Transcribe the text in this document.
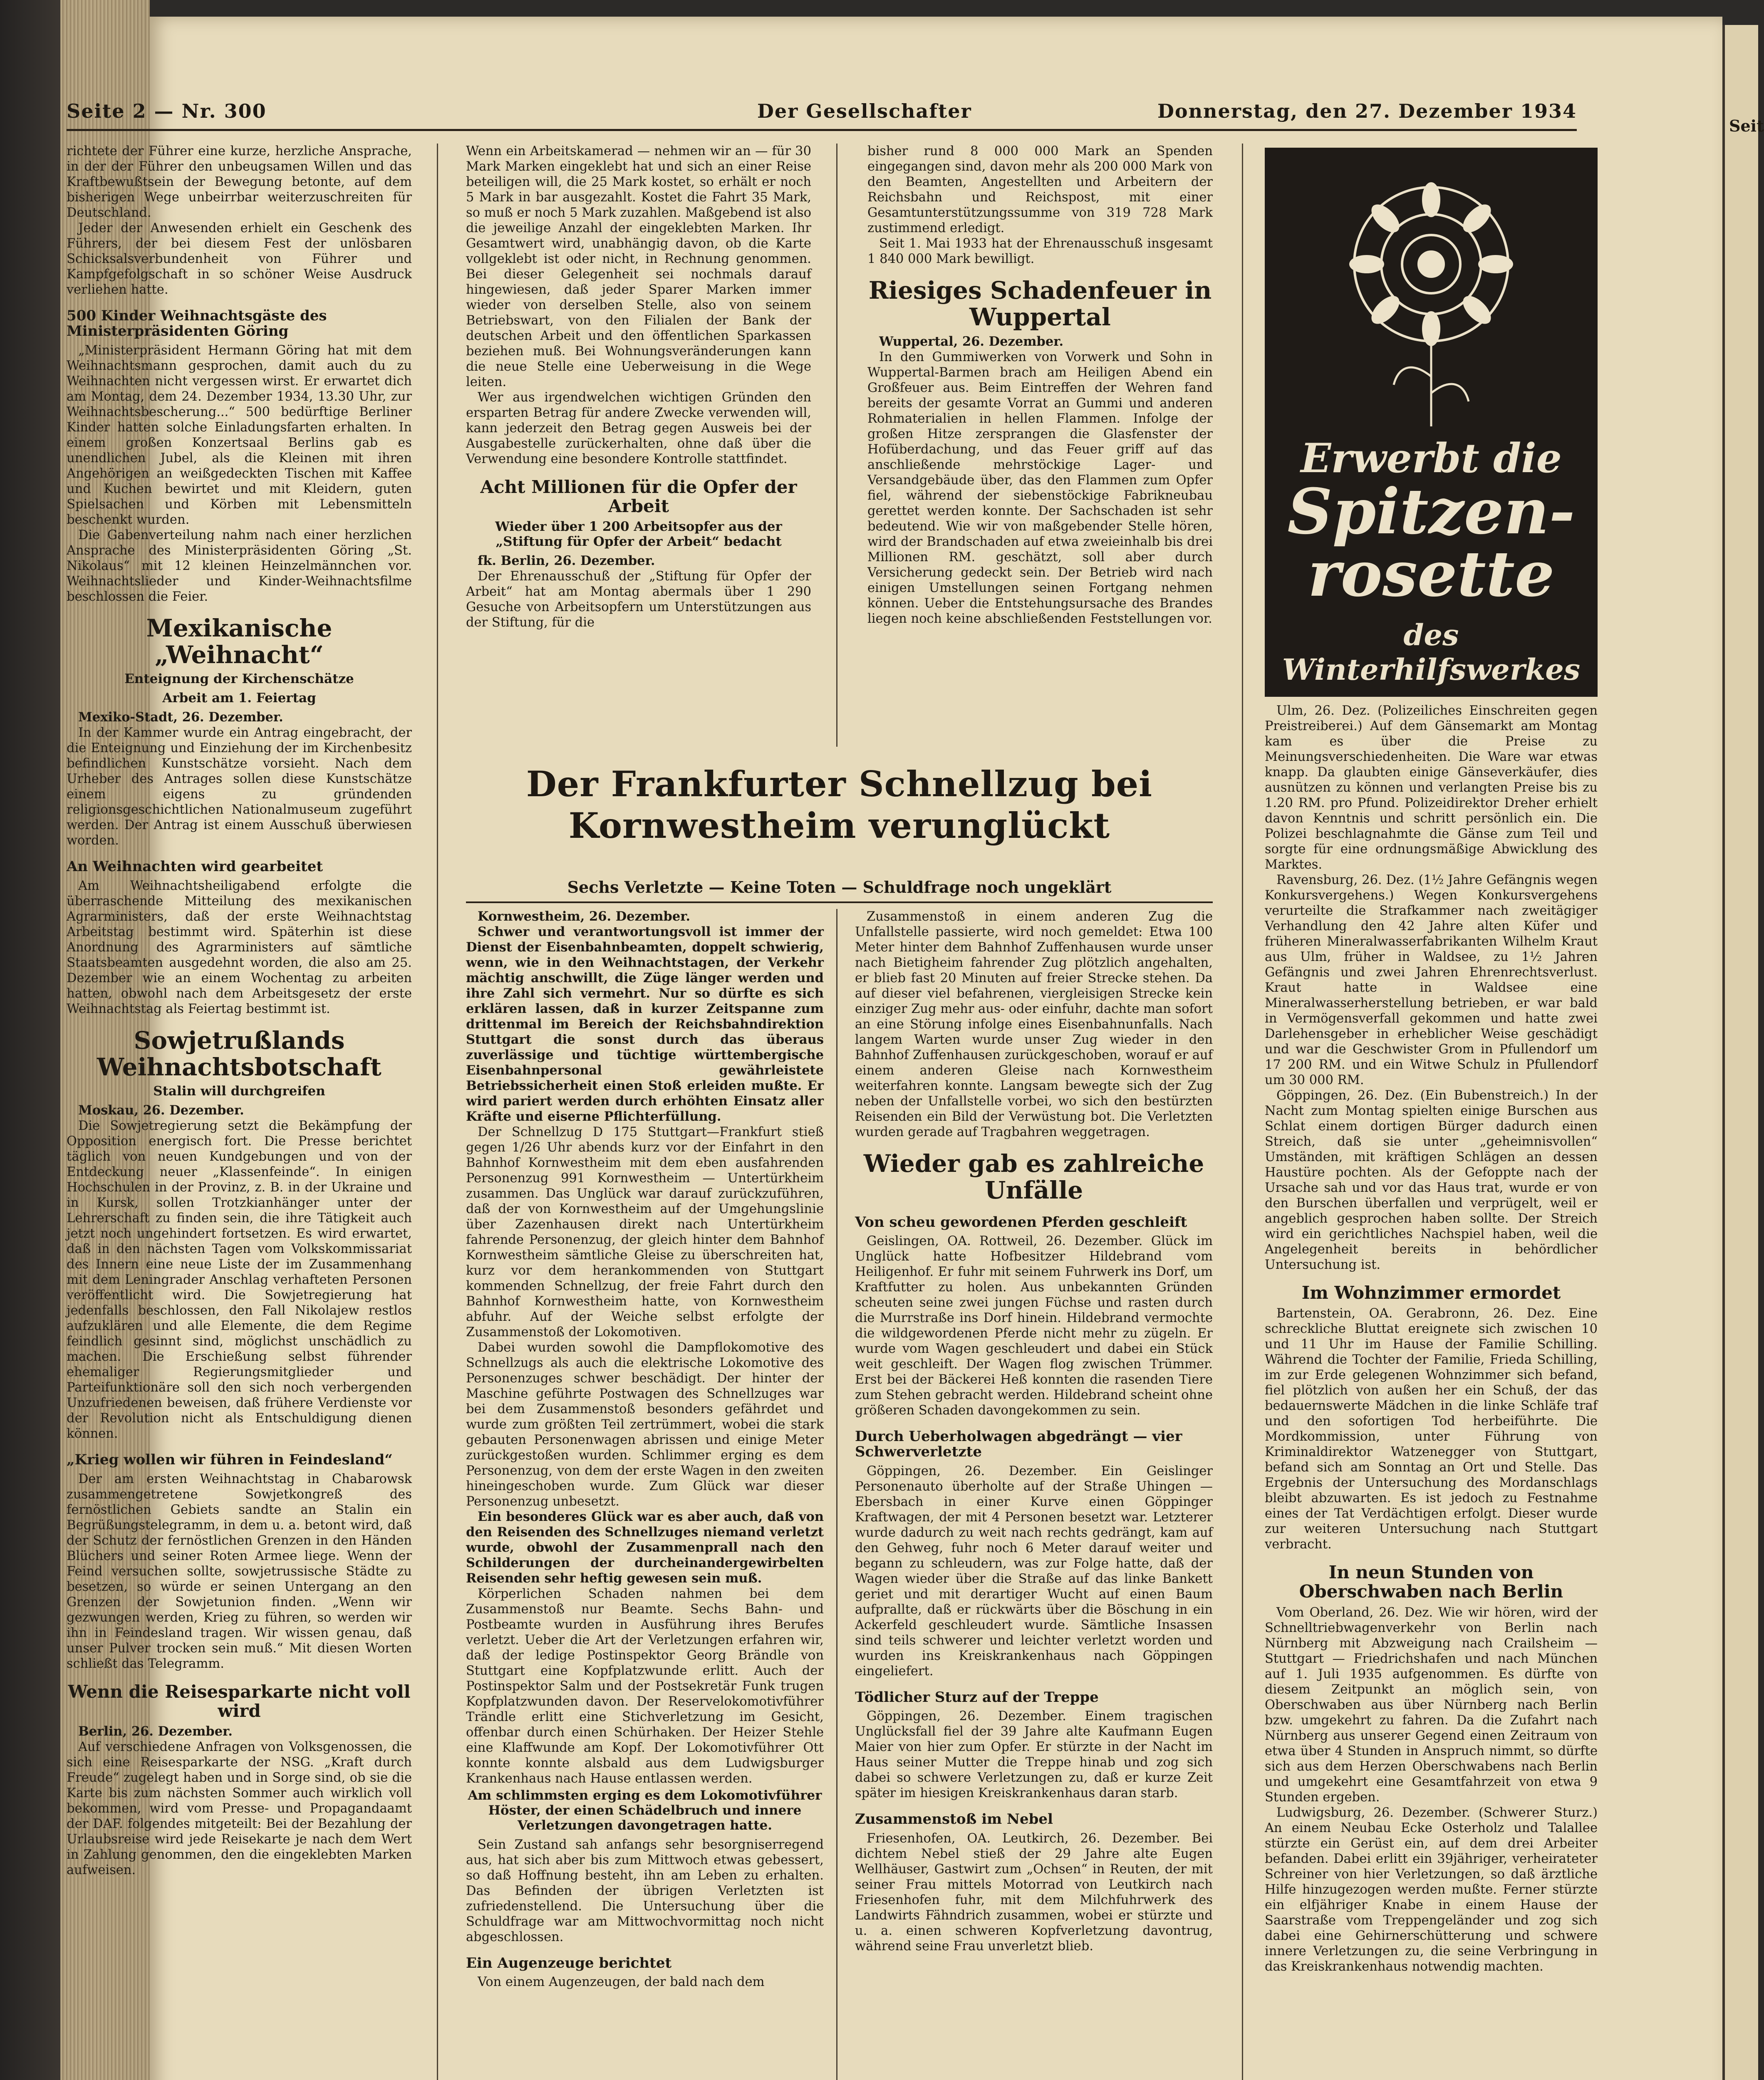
Seit
Seite 2 — Nr. 300	Der Gesellschafter	Donnerstag, den 27. Dezember 1934

richtete der Führer eine kurze, herzliche Ansprache, in der der Führer den unbeugsamen Willen und das Kraftbewußtsein der Bewegung betonte, auf dem bisherigen Wege unbeirrbar weiterzuschreiten für Deutschland.

Jeder der Anwesenden erhielt ein Geschenk des Führers, der bei diesem Fest der unlösbaren Schicksalsverbundenheit von Führer und Kampfgefolgschaft in so schöner Weise Ausdruck verliehen hatte.

500 Kinder Weihnachtsgäste des Ministerpräsidenten Göring

„Ministerpräsident Hermann Göring hat mit dem Weihnachtsmann gesprochen, damit auch du zu Weihnachten nicht vergessen wirst. Er erwartet dich am Montag, dem 24. Dezember 1934, 13.30 Uhr, zur Weihnachtsbescherung...“ 500 bedürftige Berliner Kinder hatten solche Einladungsfarten erhalten. In einem großen Konzertsaal Berlins gab es unendlichen Jubel, als die Kleinen mit ihren Angehörigen an weißgedeckten Tischen mit Kaffee und Kuchen bewirtet und mit Kleidern, guten Spielsachen und Körben mit Lebensmitteln beschenkt wurden.

Die Gabenverteilung nahm nach einer herzlichen Ansprache des Ministerpräsidenten Göring „St. Nikolaus“ mit 12 kleinen Heinzelmännchen vor. Weihnachtslieder und Kinder-Weihnachtsfilme beschlossen die Feier.

Mexikanische „Weihnacht“
Enteignung der Kirchenschätze
Arbeit am 1. Feiertag

Mexiko-Stadt, 26. Dezember.

In der Kammer wurde ein Antrag eingebracht, der die Enteignung und Einziehung der im Kirchenbesitz befindlichen Kunstschätze vorsieht. Nach dem Urheber des Antrages sollen diese Kunstschätze einem eigens zu gründenden religionsgeschichtlichen Nationalmuseum zugeführt werden. Der Antrag ist einem Ausschuß überwiesen worden.

An Weihnachten wird gearbeitet

Am Weihnachtsheiligabend erfolgte die überraschende Mitteilung des mexikanischen Agrarministers, daß der erste Weihnachtstag Arbeitstag bestimmt wird. Späterhin ist diese Anordnung des Agrarministers auf sämtliche Staatsbeamten ausgedehnt worden, die also am 25. Dezember wie an einem Wochentag zu arbeiten hatten, obwohl nach dem Arbeitsgesetz der erste Weihnachtstag als Feiertag bestimmt ist.

Sowjetrußlands Weihnachtsbotschaft
Stalin will durchgreifen

Moskau, 26. Dezember.

Die Sowjetregierung setzt die Bekämpfung der Opposition energisch fort. Die Presse berichtet täglich von neuen Kundgebungen und von der Entdeckung neuer „Klassenfeinde“. In einigen Hochschulen in der Provinz, z. B. in der Ukraine und in Kursk, sollen Trotzkianhänger unter der Lehrerschaft zu finden sein, die ihre Tätigkeit auch jetzt noch ungehindert fortsetzen. Es wird erwartet, daß in den nächsten Tagen vom Volkskommissariat des Innern eine neue Liste der im Zusammenhang mit dem Leningrader Anschlag verhafteten Personen veröffentlicht wird. Die Sowjetregierung hat jedenfalls beschlossen, den Fall Nikolajew restlos aufzuklären und alle Elemente, die dem Regime feindlich gesinnt sind, möglichst unschädlich zu machen. Die Erschießung selbst führender ehemaliger Regierungsmitglieder und Parteifunktionäre soll den sich noch verbergenden Unzufriedenen beweisen, daß frühere Verdienste vor der Revolution nicht als Entschuldigung dienen können.

„Krieg wollen wir führen in Feindesland“

Der am ersten Weihnachtstag in Chabarowsk zusammengetretene Sowjetkongreß des fernöstlichen Gebiets sandte an Stalin ein Begrüßungstelegramm, in dem u. a. betont wird, daß der Schutz der fernöstlichen Grenzen in den Händen Blüchers und seiner Roten Armee liege. Wenn der Feind versuchen sollte, sowjetrussische Städte zu besetzen, so würde er seinen Untergang an den Grenzen der Sowjetunion finden. „Wenn wir gezwungen werden, Krieg zu führen, so werden wir ihn in Feindesland tragen. Wir wissen genau, daß unser Pulver trocken sein muß.“ Mit diesen Worten schließt das Telegramm.

Wenn die Reisesparkarte nicht voll wird

Berlin, 26. Dezember.

Auf verschiedene Anfragen von Volksgenossen, die sich eine Reisesparkarte der NSG. „Kraft durch Freude“ zugelegt haben und in Sorge sind, ob sie die Karte bis zum nächsten Sommer auch wirklich voll bekommen, wird vom Presse- und Propagandaamt der DAF. folgendes mitgeteilt: Bei der Bezahlung der Urlaubsreise wird jede Reisekarte je nach dem Wert in Zahlung genommen, den die eingeklebten Marken aufweisen.

Wenn ein Arbeitskamerad — nehmen wir an — für 30 Mark Marken eingeklebt hat und sich an einer Reise beteiligen will, die 25 Mark kostet, so erhält er noch 5 Mark in bar ausgezahlt. Kostet die Fahrt 35 Mark, so muß er noch 5 Mark zuzahlen. Maßgebend ist also die jeweilige Anzahl der eingeklebten Marken. Ihr Gesamtwert wird, unabhängig davon, ob die Karte vollgeklebt ist oder nicht, in Rechnung genommen. Bei dieser Gelegenheit sei nochmals darauf hingewiesen, daß jeder Sparer Marken immer wieder von derselben Stelle, also von seinem Betriebswart, von den Filialen der Bank der deutschen Arbeit und den öffentlichen Sparkassen beziehen muß. Bei Wohnungsveränderungen kann die neue Stelle eine Ueberweisung in die Wege leiten.

Wer aus irgendwelchen wichtigen Gründen den ersparten Betrag für andere Zwecke verwenden will, kann jederzeit den Betrag gegen Ausweis bei der Ausgabestelle zurückerhalten, ohne daß über die Verwendung eine besondere Kontrolle stattfindet.

Acht Millionen für die Opfer der Arbeit
Wieder über 1 200 Arbeitsopfer aus der „Stiftung für Opfer der Arbeit“ bedacht

fk. Berlin, 26. Dezember.

Der Ehrenausschuß der „Stiftung für Opfer der Arbeit“ hat am Montag abermals über 1 290 Gesuche von Arbeitsopfern um Unterstützungen aus der Stiftung, für die

bisher rund 8 000 000 Mark an Spenden eingegangen sind, davon mehr als 200 000 Mark von den Beamten, Angestellten und Arbeitern der Reichsbahn und Reichspost, mit einer Gesamtunterstützungssumme von 319 728 Mark zustimmend erledigt.

Seit 1. Mai 1933 hat der Ehrenausschuß insgesamt 1 840 000 Mark bewilligt.

Riesiges Schadenfeuer in Wuppertal

Wuppertal, 26. Dezember.

In den Gummiwerken von Vorwerk und Sohn in Wuppertal-Barmen brach am Heiligen Abend ein Großfeuer aus. Beim Eintreffen der Wehren fand bereits der gesamte Vorrat an Gummi und anderen Rohmaterialien in hellen Flammen. Infolge der großen Hitze zersprangen die Glasfenster der Hofüberdachung, und das Feuer griff auf das anschließende mehrstöckige Lager- und Versandgebäude über, das den Flammen zum Opfer fiel, während der siebenstöckige Fabrikneubau gerettet werden konnte. Der Sachschaden ist sehr bedeutend. Wie wir von maßgebender Stelle hören, wird der Brandschaden auf etwa zweieinhalb bis drei Millionen RM. geschätzt, soll aber durch Versicherung gedeckt sein. Der Betrieb wird nach einigen Umstellungen seinen Fortgang nehmen können. Ueber die Entstehungsursache des Brandes liegen noch keine abschließenden Feststellungen vor.

Der Frankfurter Schnellzug bei Kornwestheim verunglückt
Sechs Verletzte — Keine Toten — Schuldfrage noch ungeklärt

Kornwestheim, 26. Dezember.

Schwer und verantwortungsvoll ist immer der Dienst der Eisenbahnbeamten, doppelt schwierig, wenn, wie in den Weihnachtstagen, der Verkehr mächtig anschwillt, die Züge länger werden und ihre Zahl sich vermehrt. Nur so dürfte es sich erklären lassen, daß in kurzer Zeitspanne zum drittenmal im Bereich der Reichsbahndirektion Stuttgart die sonst durch das überaus zuverlässige und tüchtige württembergische Eisenbahnpersonal gewährleistete Betriebssicherheit einen Stoß erleiden mußte. Er wird pariert werden durch erhöhten Einsatz aller Kräfte und eiserne Pflichterfüllung.

Der Schnellzug D 175 Stuttgart—Frankfurt stieß gegen 1/26 Uhr abends kurz vor der Einfahrt in den Bahnhof Kornwestheim mit dem eben ausfahrenden Personenzug 991 Kornwestheim — Untertürkheim zusammen. Das Unglück war darauf zurückzuführen, daß der von Kornwestheim auf der Umgehungslinie über Zazenhausen direkt nach Untertürkheim fahrende Personenzug, der gleich hinter dem Bahnhof Kornwestheim sämtliche Gleise zu überschreiten hat, kurz vor dem herankommenden von Stuttgart kommenden Schnellzug, der freie Fahrt durch den Bahnhof Kornwestheim hatte, von Kornwestheim abfuhr. Auf der Weiche selbst erfolgte der Zusammenstoß der Lokomotiven.

Dabei wurden sowohl die Dampflokomotive des Schnellzugs als auch die elektrische Lokomotive des Personenzuges schwer beschädigt. Der hinter der Maschine geführte Postwagen des Schnellzuges war bei dem Zusammenstoß besonders gefährdet und wurde zum größten Teil zertrümmert, wobei die stark gebauten Personenwagen abrissen und einige Meter zurückgestoßen wurden. Schlimmer erging es dem Personenzug, von dem der erste Wagen in den zweiten hineingeschoben wurde. Zum Glück war dieser Personenzug unbesetzt.

Ein besonderes Glück war es aber auch, daß von den Reisenden des Schnellzuges niemand verletzt wurde, obwohl der Zusammenprall nach den Schilderungen der durcheinandergewirbelten Reisenden sehr heftig gewesen sein muß.

Körperlichen Schaden nahmen bei dem Zusammenstoß nur Beamte. Sechs Bahn- und Postbeamte wurden in Ausführung ihres Berufes verletzt. Ueber die Art der Verletzungen erfahren wir, daß der ledige Postinspektor Georg Brändle von Stuttgart eine Kopfplatzwunde erlitt. Auch der Postinspektor Salm und der Postsekretär Funk trugen Kopfplatzwunden davon. Der Reservelokomotivführer Trändle erlitt eine Stichverletzung im Gesicht, offenbar durch einen Schürhaken. Der Heizer Stehle eine Klaffwunde am Kopf. Der Lokomotivführer Ott konnte konnte alsbald aus dem Ludwigsburger Krankenhaus nach Hause entlassen werden.

Am schlimmsten erging es dem Lokomotivführer Höster, der einen Schädelbruch und innere Verletzungen davongetragen hatte.

Sein Zustand sah anfangs sehr besorgniserregend aus, hat sich aber bis zum Mittwoch etwas gebessert, so daß Hoffnung besteht, ihn am Leben zu erhalten. Das Befinden der übrigen Verletzten ist zufriedenstellend. Die Untersuchung über die Schuldfrage war am Mittwochvormittag noch nicht abgeschlossen.

Ein Augenzeuge berichtet

Von einem Augenzeugen, der bald nach dem

Zusammenstoß in einem anderen Zug die Unfallstelle passierte, wird noch gemeldet: Etwa 100 Meter hinter dem Bahnhof Zuffenhausen wurde unser nach Bietigheim fahrender Zug plötzlich angehalten, er blieb fast 20 Minuten auf freier Strecke stehen. Da auf dieser viel befahrenen, viergleisigen Strecke kein einziger Zug mehr aus- oder einfuhr, dachte man sofort an eine Störung infolge eines Eisenbahnunfalls. Nach langem Warten wurde unser Zug wieder in den Bahnhof Zuffenhausen zurückgeschoben, worauf er auf einem anderen Gleise nach Kornwestheim weiterfahren konnte. Langsam bewegte sich der Zug neben der Unfallstelle vorbei, wo sich den bestürzten Reisenden ein Bild der Verwüstung bot. Die Verletzten wurden gerade auf Tragbahren weggetragen.

Wieder gab es zahlreiche Unfälle
Von scheu gewordenen Pferden geschleift

Geislingen, OA. Rottweil, 26. Dezember. Glück im Unglück hatte Hofbesitzer Hildebrand vom Heiligenhof. Er fuhr mit seinem Fuhrwerk ins Dorf, um Kraftfutter zu holen. Aus unbekannten Gründen scheuten seine zwei jungen Füchse und rasten durch die Murrstraße ins Dorf hinein. Hildebrand vermochte die wildgewordenen Pferde nicht mehr zu zügeln. Er wurde vom Wagen geschleudert und dabei ein Stück weit geschleift. Der Wagen flog zwischen Trümmer. Erst bei der Bäckerei Heß konnten die rasenden Tiere zum Stehen gebracht werden. Hildebrand scheint ohne größeren Schaden davongekommen zu sein.

Durch Ueberholwagen abgedrängt — vier Schwerverletzte

Göppingen, 26. Dezember. Ein Geislinger Personenauto überholte auf der Straße Uhingen — Ebersbach in einer Kurve einen Göppinger Kraftwagen, der mit 4 Personen besetzt war. Letzterer wurde dadurch zu weit nach rechts gedrängt, kam auf den Gehweg, fuhr noch 6 Meter darauf weiter und begann zu schleudern, was zur Folge hatte, daß der Wagen wieder über die Straße auf das linke Bankett geriet und mit derartiger Wucht auf einen Baum aufprallte, daß er rückwärts über die Böschung in ein Ackerfeld geschleudert wurde. Sämtliche Insassen sind teils schwerer und leichter verletzt worden und wurden ins Kreiskrankenhaus nach Göppingen eingeliefert.

Tödlicher Sturz auf der Treppe

Göppingen, 26. Dezember. Einem tragischen Unglücksfall fiel der 39 Jahre alte Kaufmann Eugen Maier von hier zum Opfer. Er stürzte in der Nacht im Haus seiner Mutter die Treppe hinab und zog sich dabei so schwere Verletzungen zu, daß er kurze Zeit später im hiesigen Kreiskrankenhaus daran starb.

Zusammenstoß im Nebel

Friesenhofen, OA. Leutkirch, 26. Dezember. Bei dichtem Nebel stieß der 29 Jahre alte Eugen Wellhäuser, Gastwirt zum „Ochsen“ in Reuten, der mit seiner Frau mittels Motorrad von Leutkirch nach Friesenhofen fuhr, mit dem Milchfuhrwerk des Landwirts Fähndrich zusammen, wobei er stürzte und u. a. einen schweren Kopfverletzung davontrug, während seine Frau unverletzt blieb.

Erwerbt die
Spitzen-
rosette
des Winterhilfswerkes

Ulm, 26. Dez. (Polizeiliches Einschreiten gegen Preistreiberei.) Auf dem Gänsemarkt am Montag kam es über die Preise zu Meinungsverschiedenheiten. Die Ware war etwas knapp. Da glaubten einige Gänseverkäufer, dies ausnützen zu können und verlangten Preise bis zu 1.20 RM. pro Pfund. Polizeidirektor Dreher erhielt davon Kenntnis und schritt persönlich ein. Die Polizei beschlagnahmte die Gänse zum Teil und sorgte für eine ordnungsmäßige Abwicklung des Marktes.

Ravensburg, 26. Dez. (1½ Jahre Gefängnis wegen Konkursvergehens.) Wegen Konkursvergehens verurteilte die Strafkammer nach zweitägiger Verhandlung den 42 Jahre alten Küfer und früheren Mineralwasserfabrikanten Wilhelm Kraut aus Ulm, früher in Waldsee, zu 1½ Jahren Gefängnis und zwei Jahren Ehrenrechtsverlust. Kraut hatte in Waldsee eine Mineralwasserherstellung betrieben, er war bald in Vermögensverfall gekommen und hatte zwei Darlehensgeber in erheblicher Weise geschädigt und war die Geschwister Grom in Pfullendorf um 17 200 RM. und ein Witwe Schulz in Pfullendorf um 30 000 RM.

Göppingen, 26. Dez. (Ein Bubenstreich.) In der Nacht zum Montag spielten einige Burschen aus Schlat einem dortigen Bürger dadurch einen Streich, daß sie unter „geheimnisvollen“ Umständen, mit kräftigen Schlägen an dessen Haustüre pochten. Als der Gefoppte nach der Ursache sah und vor das Haus trat, wurde er von den Burschen überfallen und verprügelt, weil er angeblich gesprochen haben sollte. Der Streich wird ein gerichtliches Nachspiel haben, weil die Angelegenheit bereits in behördlicher Untersuchung ist.

Im Wohnzimmer ermordet

Bartenstein, OA. Gerabronn, 26. Dez. Eine schreckliche Bluttat ereignete sich zwischen 10 und 11 Uhr im Hause der Familie Schilling. Während die Tochter der Familie, Frieda Schilling, im zur Erde gelegenen Wohnzimmer sich befand, fiel plötzlich von außen her ein Schuß, der das bedauernswerte Mädchen in die linke Schläfe traf und den sofortigen Tod herbeiführte. Die Mordkommission, unter Führung von Kriminaldirektor Watzenegger von Stuttgart, befand sich am Sonntag an Ort und Stelle. Das Ergebnis der Untersuchung des Mordanschlags bleibt abzuwarten. Es ist jedoch zu Festnahme eines der Tat Verdächtigen erfolgt. Dieser wurde zur weiteren Untersuchung nach Stuttgart verbracht.

In neun Stunden von Oberschwaben nach Berlin

Vom Oberland, 26. Dez. Wie wir hören, wird der Schnelltriebwagenverkehr von Berlin nach Nürnberg mit Abzweigung nach Crailsheim — Stuttgart — Friedrichshafen und nach München auf 1. Juli 1935 aufgenommen. Es dürfte von diesem Zeitpunkt an möglich sein, von Oberschwaben aus über Nürnberg nach Berlin bzw. umgekehrt zu fahren. Da die Zufahrt nach Nürnberg aus unserer Gegend einen Zeitraum von etwa über 4 Stunden in Anspruch nimmt, so dürfte sich aus dem Herzen Oberschwabens nach Berlin und umgekehrt eine Gesamtfahrzeit von etwa 9 Stunden ergeben.

Ludwigsburg, 26. Dezember. (Schwerer Sturz.) An einem Neubau Ecke Osterholz und Talallee stürzte ein Gerüst ein, auf dem drei Arbeiter befanden. Dabei erlitt ein 39jähriger, verheirateter Schreiner von hier Verletzungen, so daß ärztliche Hilfe hinzugezogen werden mußte. Ferner stürzte ein elfjähriger Knabe in einem Hause der Saarstraße vom Treppengeländer und zog sich dabei eine Gehirnerschütterung und schwere innere Verletzungen zu, die seine Verbringung in das Kreiskrankenhaus notwendig machten.
